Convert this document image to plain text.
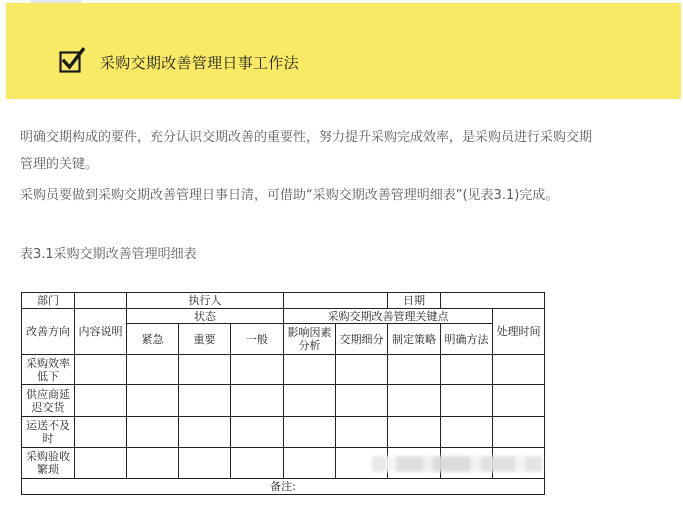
采购交期改善管理日事工作法
明确交期构成的要件，充分认识交期改善的重要性，努力提升采购完成效率，是采购员进行采购交期
管理的关键。
采购员要做到采购交期改善管理日事日清，可借助“采购交期改善管理明细表”(见表3.1)完成。
表3.1采购交期改善管理明细表
部门		执行人					日期		
改善方向	内容说明	状态			采购交期改善管理关键点				处理时间
		紧急	重要	一般	影响因素分析	交期细分	制定策略	明确方法	
采购效率低下									
供应商延迟交货									
运送不及时									
采购验收繁琐									
备注:									
